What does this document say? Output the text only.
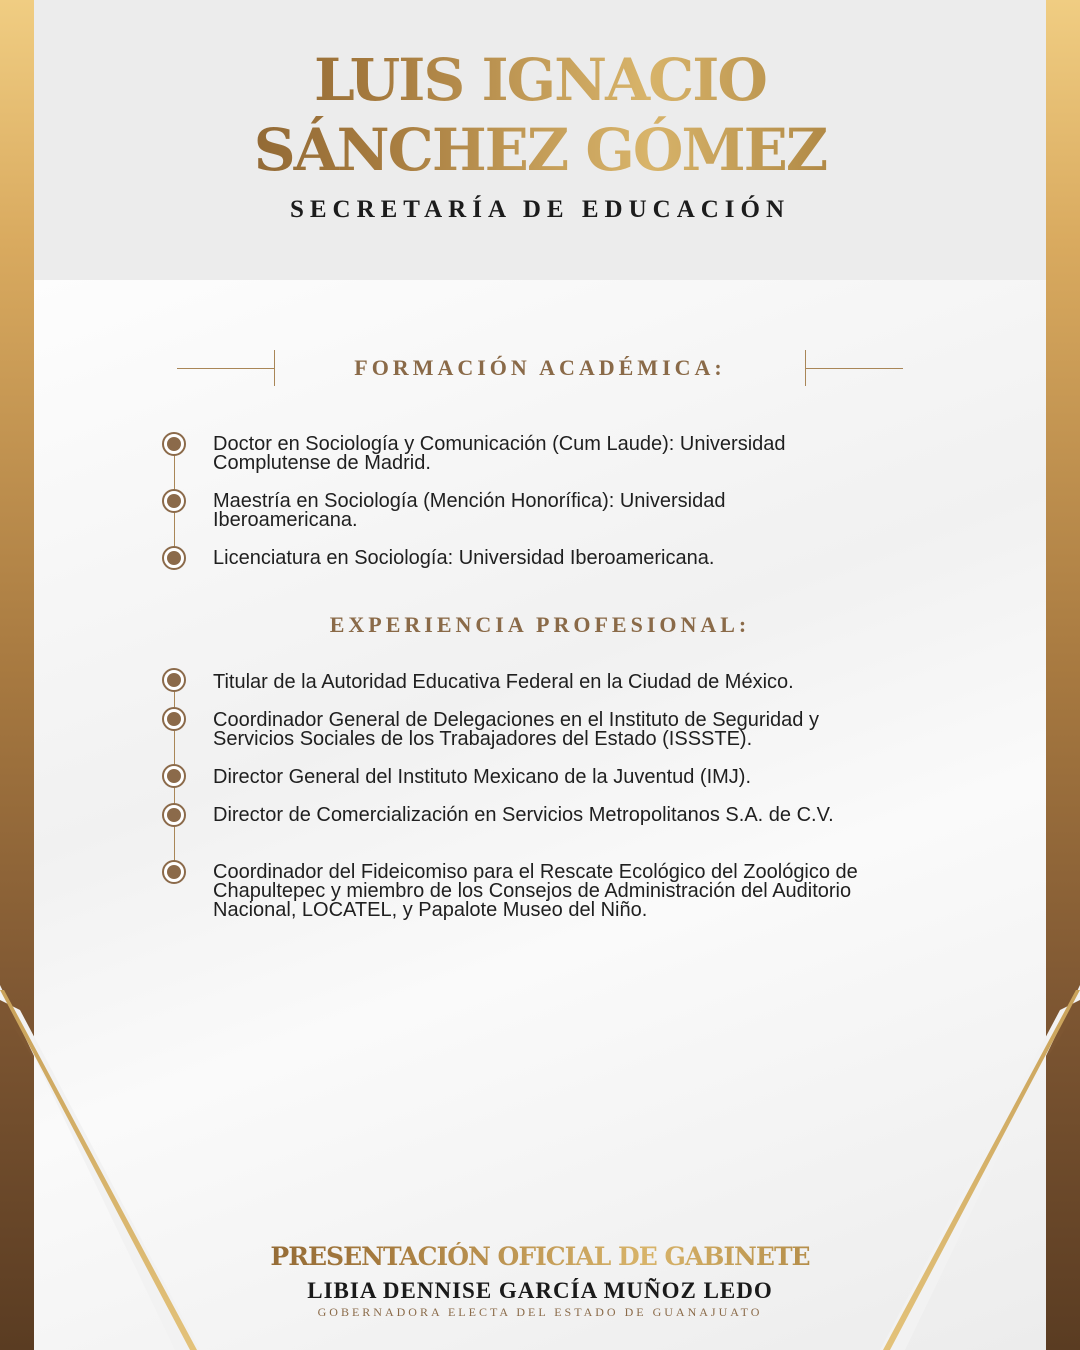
LUIS IGNACIO
SÁNCHEZ GÓMEZ
SECRETARÍA DE EDUCACIÓN
FORMACIÓN ACADÉMICA:
Doctor en Sociología y Comunicación (Cum Laude): Universidad Complutense de Madrid.
Maestría en Sociología (Mención Honorífica): Universidad Iberoamericana.
Licenciatura en Sociología: Universidad Iberoamericana.
EXPERIENCIA PROFESIONAL:
Titular de la Autoridad Educativa Federal en la Ciudad de México.
Coordinador General de Delegaciones en el Instituto de Seguridad y Servicios Sociales de los Trabajadores del Estado (ISSSTE).
Director General del Instituto Mexicano de la Juventud (IMJ).
Director de Comercialización en Servicios Metropolitanos S.A. de C.V.
Coordinador del Fideicomiso para el Rescate Ecológico del Zoológico de Chapultepec y miembro de los Consejos de Administración del Auditorio Nacional, LOCATEL, y Papalote Museo del Niño.
PRESENTACIÓN OFICIAL DE GABINETE
LIBIA DENNISE GARCÍA MUÑOZ LEDO
GOBERNADORA ELECTA DEL ESTADO DE GUANAJUATO
